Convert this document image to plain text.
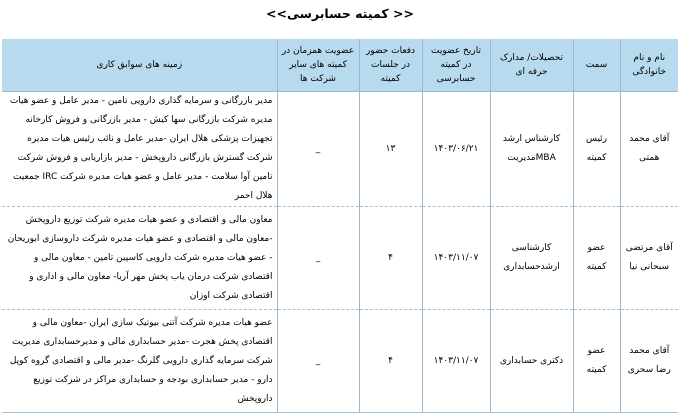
<<کمیته حسابرسی >>
نام و نام خانوادگی	سمت	تحصیلات/ مدارک حرفه ای	تاریخ عضویت در کمیته حسابرسی	دفعات حضور در جلسات کمیته	عضویت همزمان در کمیته های سایر شرکت ها	زمینه های سوابق کاری
آقای محمد همتی	رئیس کمیته	کارشناس ارشد MBAمدیریت	۱۴۰۳/۰۶/۲۱	۱۳	_	مدیر بازرگانی و سرمایه گذاری دارویی تامین - مدیر عامل و عضو هیات مدیره شرکت بازرگانی سها کیش - مدیر بازرگانی و فروش کارخانه تجهیزات پزشکی هلال ایران -مدیر عامل و نائب رئیس هیات مدیره شرکت گسترش بازرگانی داروپخش - مدیر بازاریابی و فروش شرکت تامین آوا سلامت - مدیر عامل و عضو هیات مدیره شرکت IRC جمعیت هلال احمر
آقای مرتضی سبحانی نیا	عضو کمیته	کارشناسی ارشدحسابداری	۱۴۰۳/۱۱/۰۷	۴	_	معاون مالی و اقتصادی و عضو هیات مدیره شرکت توزیع داروپخش -معاون مالی و اقتصادی و عضو هیات مدیره شرکت داروسازی ابوریحان - عضو هیات مدیره شرکت دارویی کاسپین تامین - معاون مالی و اقتصادی شرکت درمان یاب پخش مهر آریا- معاون مالی و اداری و اقتصادی شرکت اوزان
آقای محمد رضا سحری	عضو کمیته	دکتری حسابداری	۱۴۰۳/۱۱/۰۷	۴	_	عضو هیات مدیره شرکت آتنی بیوتیک سازی ایران -معاون مالی و اقتصادی پخش هجرت -مدیر حسابداری مالی و مدیرحسابداری مدیریت شرکت سرمایه گذاری دارویی گلرنگ -مدیر مالی و اقتصادی گروه کوپل دارو - مدیر حسابداری بودجه و حسابداری مراکز در شرکت توزیع داروپخش
